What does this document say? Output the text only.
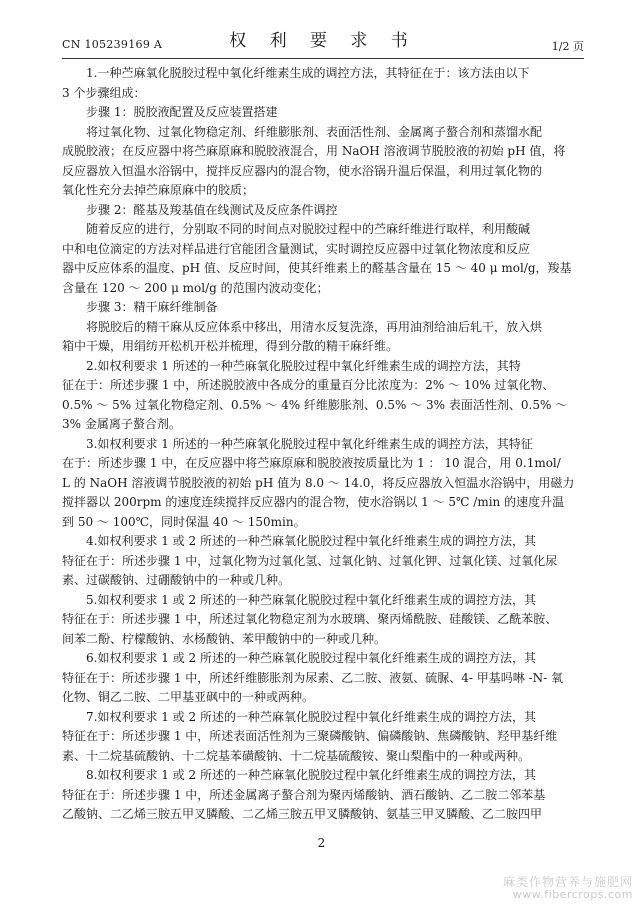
CN 105239169 A	权 利 要 求 书	1/2 页
1.一种苎麻氧化脱胶过程中氧化纤维素生成的调控方法，其特征在于：该方法由以下
3 个步骤组成：
步骤 1：脱胶液配置及反应装置搭建
将过氧化物、过氧化物稳定剂、纤维膨胀剂、表面活性剂、金属离子螯合剂和蒸馏水配
成脱胶液；在反应器中将苎麻原麻和脱胶液混合，用 NaOH 溶液调节脱胶液的初始 pH 值，将
反应器放入恒温水浴锅中，搅拌反应器内的混合物，使水浴锅升温后保温，利用过氧化物的
氧化性充分去掉苎麻原麻中的胶质；
步骤 2：醛基及羧基值在线测试及反应条件调控
随着反应的进行，分别取不同的时间点对脱胶过程中的苎麻纤维进行取样，利用酸碱
中和电位滴定的方法对样品进行官能团含量测试，实时调控反应器中过氧化物浓度和反应
器中反应体系的温度、pH 值、反应时间，使其纤维素上的醛基含量在 15 ～ 40 μ mol/g，羧基
含量在 120 ～ 200 μ mol/g 的范围内波动变化；
步骤 3：精干麻纤维制备
将脱胶后的精干麻从反应体系中移出，用清水反复洗涤，再用油剂给油后轧干，放入烘
箱中干燥，用绢纺开松机开松并梳理，得到分散的精干麻纤维。
2.如权利要求 1 所述的一种苎麻氧化脱胶过程中氧化纤维素生成的调控方法，其特
征在于：所述步骤 1 中，所述脱胶液中各成分的重量百分比浓度为：2% ～ 10% 过氧化物、
0.5% ～ 5% 过氧化物稳定剂、0.5% ～ 4% 纤维膨胀剂、0.5% ～ 3% 表面活性剂、0.5% ～
3% 金属离子螯合剂。
3.如权利要求 1 所述的一种苎麻氧化脱胶过程中氧化纤维素生成的调控方法，其特征
在于：所述步骤 1 中，在反应器中将苎麻原麻和脱胶液按质量比为 1 ： 10 混合，用 0.1mol/
L 的 NaOH 溶液调节脱胶液的初始 pH 值为 8.0 ～ 14.0，将反应器放入恒温水浴锅中，用磁力
搅拌器以 200rpm 的速度连续搅拌反应器内的混合物，使水浴锅以 1 ～ 5℃ /min 的速度升温
到 50 ～ 100℃，同时保温 40 ～ 150min。
4.如权利要求 1 或 2 所述的一种苎麻氧化脱胶过程中氧化纤维素生成的调控方法，其
特征在于：所述步骤 1 中，过氧化物为过氧化氢、过氧化钠、过氧化钾、过氧化镁、过氧化尿
素、过碳酸钠、过硼酸钠中的一种或几种。
5.如权利要求 1 或 2 所述的一种苎麻氧化脱胶过程中氧化纤维素生成的调控方法，其
特征在于：所述步骤 1 中，所述过氧化物稳定剂为水玻璃、聚丙烯酰胺、硅酸镁、乙酰苯胺、
间苯二酚、柠檬酸钠、水杨酸钠、苯甲酸钠中的一种或几种。
6.如权利要求 1 或 2 所述的一种苎麻氧化脱胶过程中氧化纤维素生成的调控方法，其
特征在于：所述步骤 1 中，所述纤维膨胀剂为尿素、乙二胺、液氨、硫脲、4- 甲基吗啉 -N- 氧
化物、铜乙二胺、二甲基亚砜中的一种或两种。
7.如权利要求 1 或 2 所述的一种苎麻氧化脱胶过程中氧化纤维素生成的调控方法，其
特征在于：所述步骤 1 中，所述表面活性剂为三聚磷酸钠、偏磷酸钠、焦磷酸钠、羟甲基纤维
素、十二烷基硫酸钠、十二烷基苯磺酸钠、十二烷基硫酸铵、聚山梨酯中的一种或两种。
8.如权利要求 1 或 2 所述的一种苎麻氧化脱胶过程中氧化纤维素生成的调控方法，其
特征在于：所述步骤 1 中，所述金属离子螯合剂为聚丙烯酸钠、酒石酸钠、乙二胺二邻苯基
乙酸钠、二乙烯三胺五甲叉膦酸、二乙烯三胺五甲叉膦酸钠、氨基三甲叉膦酸、乙二胺四甲
2
麻类作物营养与施肥网
www.fibercrops.com
